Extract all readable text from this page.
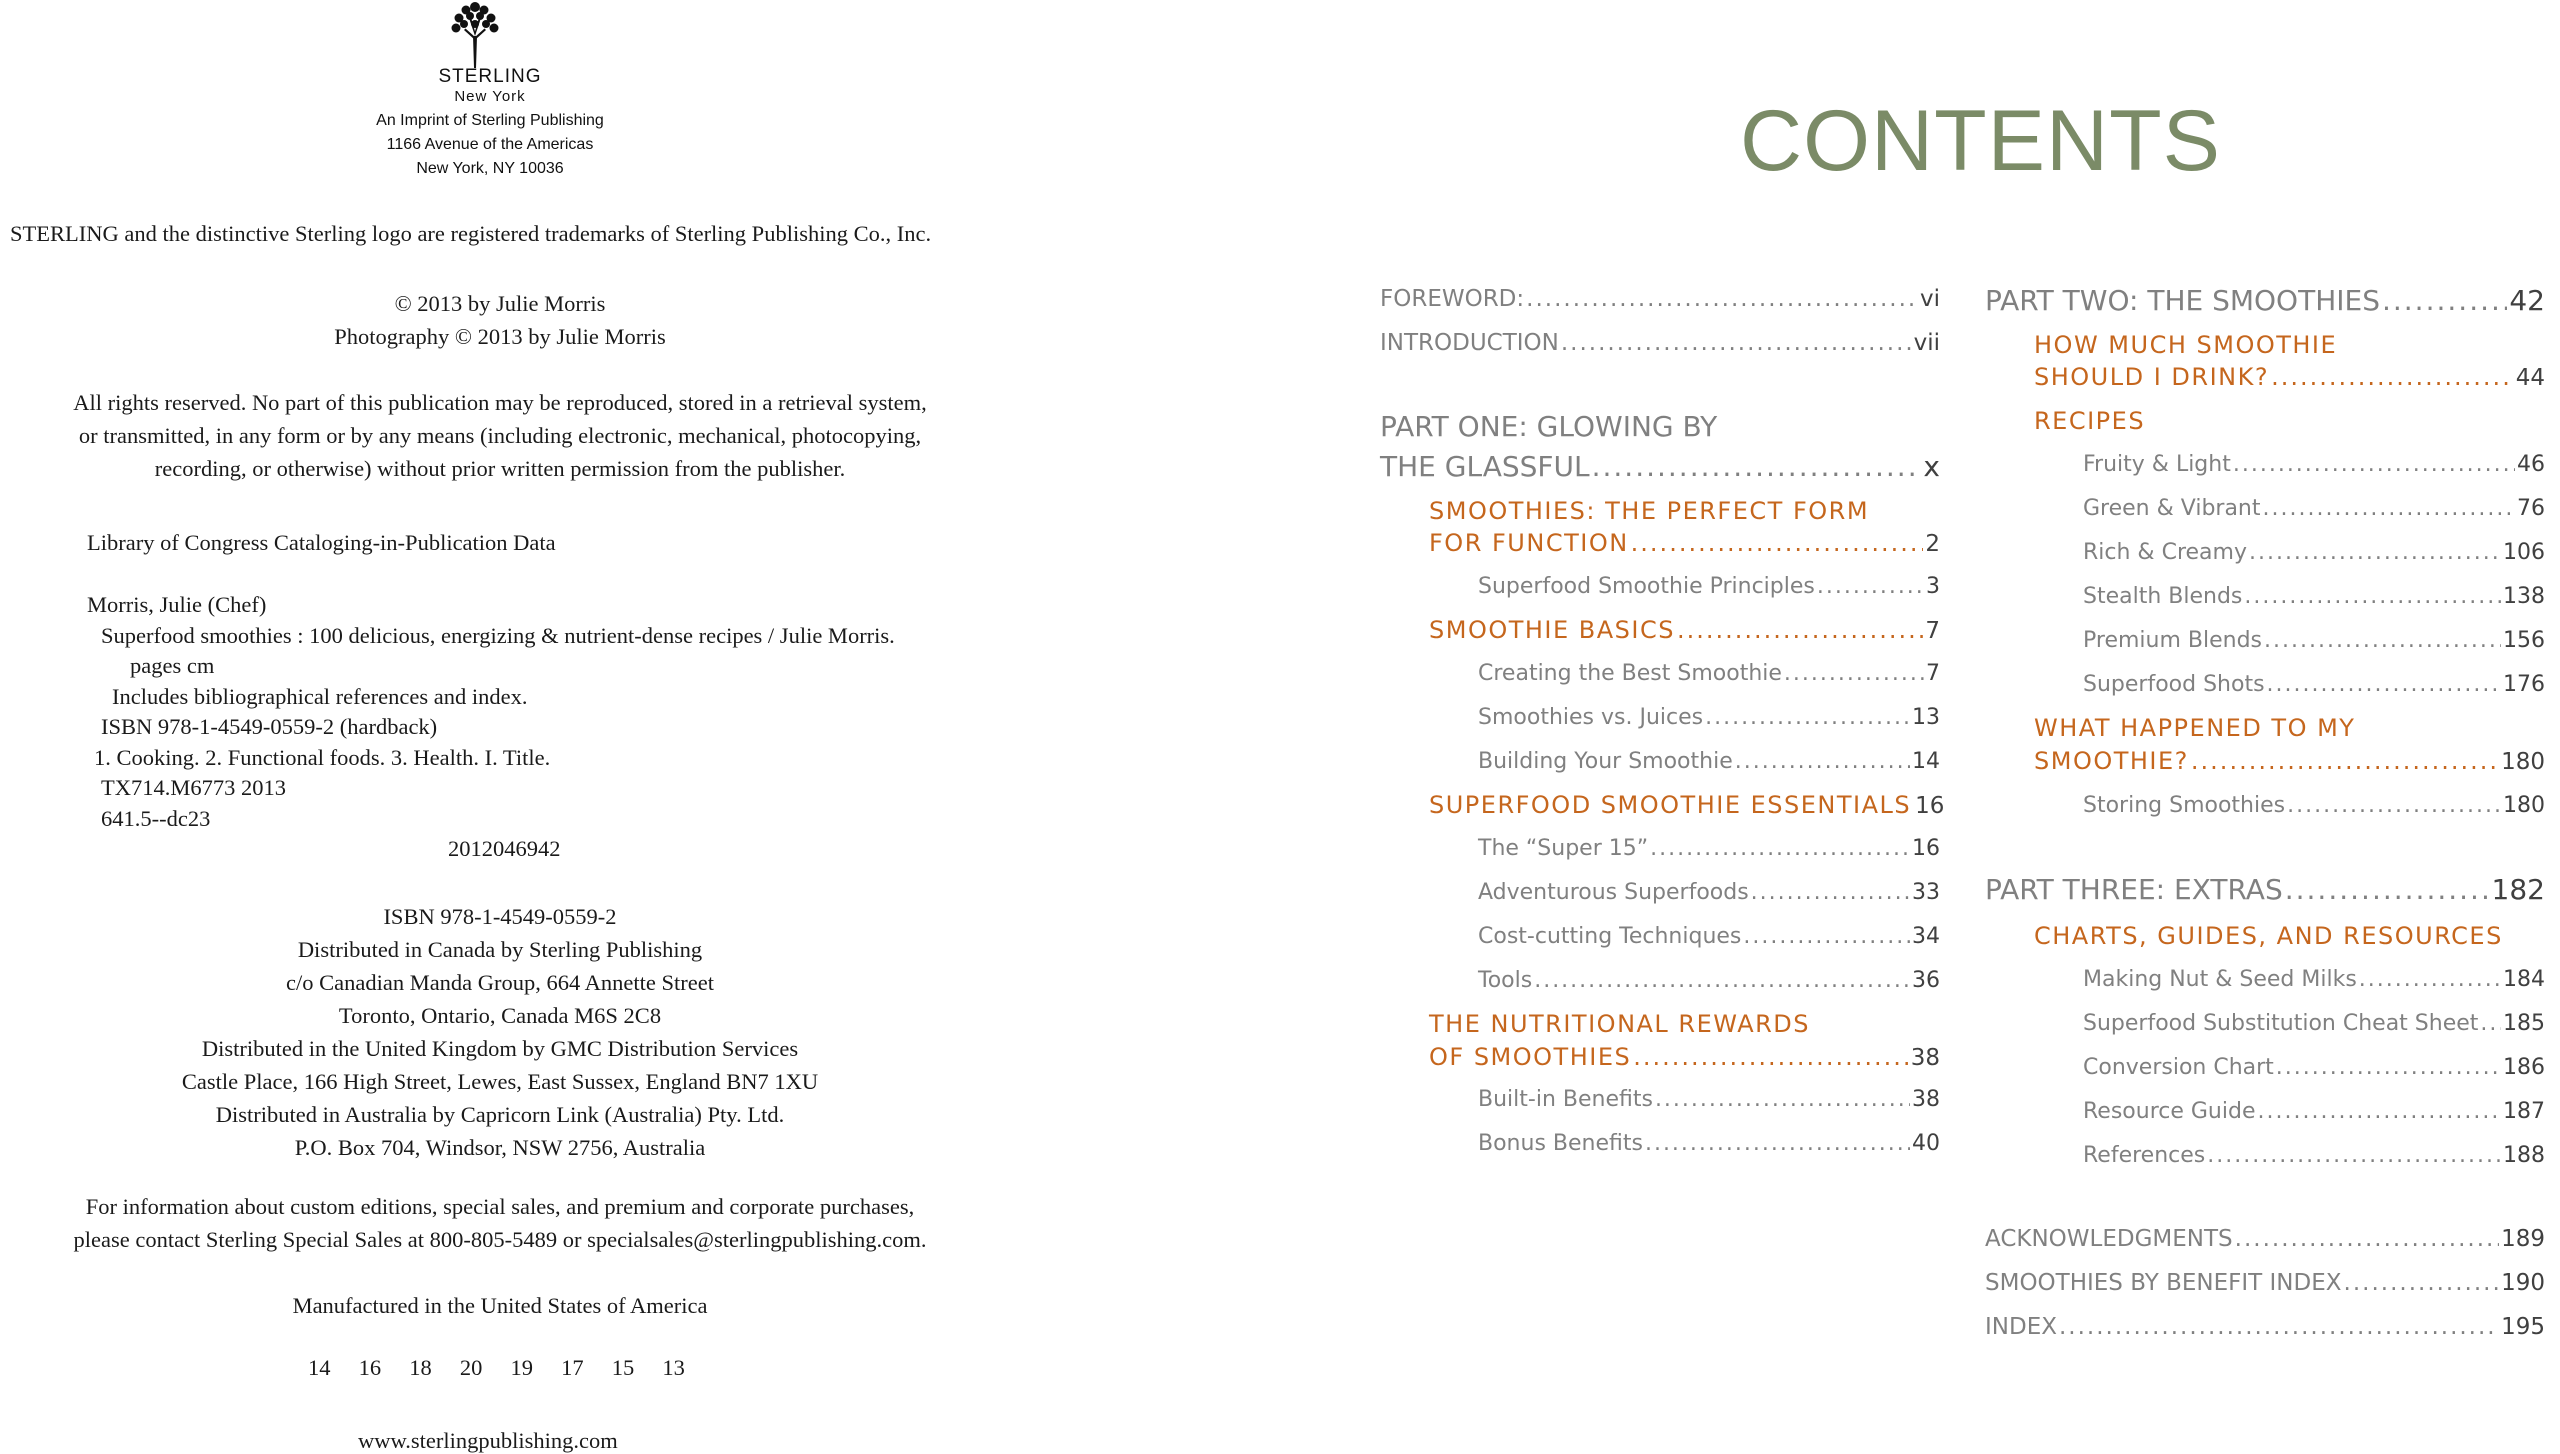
STERLING
New York
An Imprint of Sterling Publishing
1166 Avenue of the Americas
New York, NY 10036
STERLING and the distinctive Sterling logo are registered trademarks of Sterling Publishing Co., Inc.
© 2013 by Julie Morris
Photography © 2013 by Julie Morris
All rights reserved. No part of this publication may be reproduced, stored in a retrieval system,
or transmitted, in any form or by any means (including electronic, mechanical, photocopying,
recording, or otherwise) without prior written permission from the publisher.
Library of Congress Cataloging-in-Publication Data
Morris, Julie (Chef)
Superfood smoothies : 100 delicious, energizing & nutrient-dense recipes / Julie Morris.
pages cm
Includes bibliographical references and index.
ISBN 978-1-4549-0559-2 (hardback)
1. Cooking. 2. Functional foods. 3. Health. I. Title.
TX714.M6773 2013
641.5--dc23
2012046942
ISBN 978-1-4549-0559-2
Distributed in Canada by Sterling Publishing
c/o Canadian Manda Group, 664 Annette Street
Toronto, Ontario, Canada M6S 2C8
Distributed in the United Kingdom by GMC Distribution Services
Castle Place, 166 High Street, Lewes, East Sussex, England BN7 1XU
Distributed in Australia by Capricorn Link (Australia) Pty. Ltd.
P.O. Box 704, Windsor, NSW 2756, Australia
For information about custom editions, special sales, and premium and corporate purchases,
please contact Sterling Special Sales at 800-805-5489 or specialsales@sterlingpublishing.com.
Manufactured in the United States of America
14 16 18 20 19 17 15 13
www.sterlingpublishing.com
CONTENTS
FOREWORD: .....	vi
INTRODUCTION .....	vii
PART ONE: GLOWING BY
THE GLASSFUL .....	x
SMOOTHIES: THE PERFECT FORM
FOR FUNCTION .....	2
Superfood Smoothie Principles .....	3
SMOOTHIE BASICS .....	7
Creating the Best Smoothie .....	7
Smoothies vs. Juices .....	13
Building Your Smoothie .....	14
SUPERFOOD SMOOTHIE ESSENTIALS 16
The “Super 15” .....	16
Adventurous Superfoods .....	33
Cost-cutting Techniques .....	34
Tools .....	36
THE NUTRITIONAL REWARDS
OF SMOOTHIES .....	38
Built-in Benefits .....	38
Bonus Benefits .....	40
PART TWO: THE SMOOTHIES .....	42
HOW MUCH SMOOTHIE
SHOULD I DRINK? .....	44
RECIPES
Fruity & Light .....	46
Green & Vibrant .....	76
Rich & Creamy .....	106
Stealth Blends .....	138
Premium Blends .....	156
Superfood Shots .....	176
WHAT HAPPENED TO MY
SMOOTHIE? .....	180
Storing Smoothies .....	180
PART THREE: EXTRAS .....	182
CHARTS, GUIDES, AND RESOURCES
Making Nut & Seed Milks .....	184
Superfood Substitution Cheat Sheet ..... 185
Conversion Chart .....	186
Resource Guide .....	187
References .....	188
ACKNOWLEDGMENTS .....	189
SMOOTHIES BY BENEFIT INDEX .....	190
INDEX .....	195
